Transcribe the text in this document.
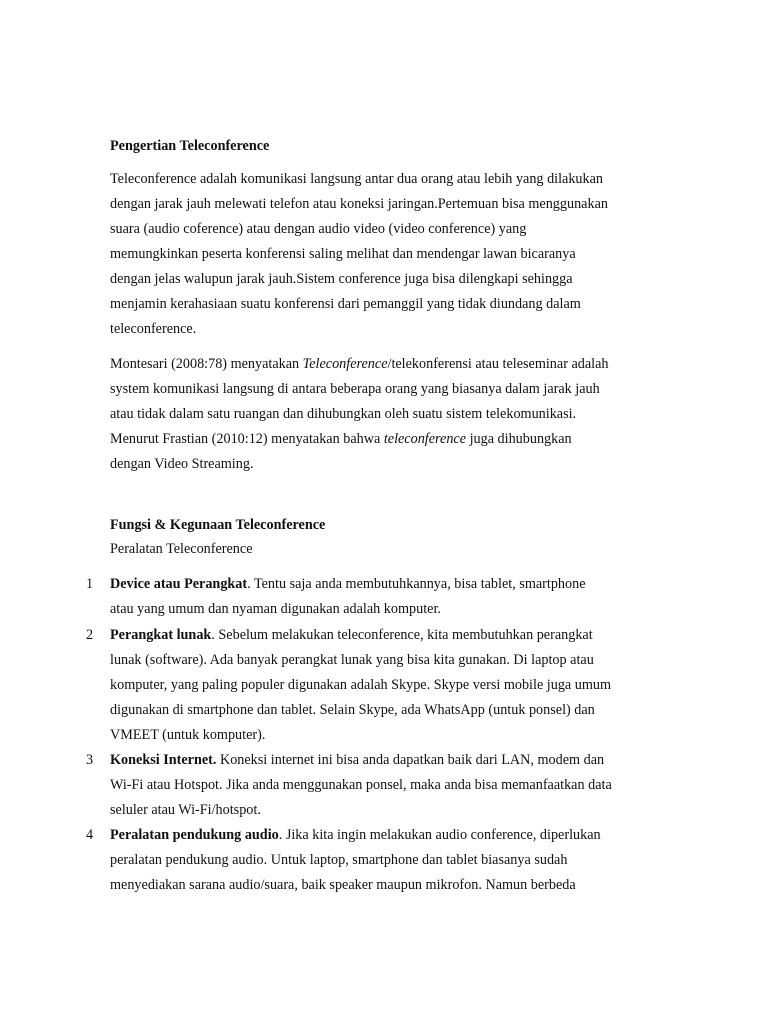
Pengertian Teleconference
Teleconference adalah komunikasi langsung antar dua orang atau lebih yang dilakukan
dengan jarak jauh melewati telefon atau koneksi jaringan.Pertemuan bisa menggunakan
suara (audio coference) atau dengan audio video (video conference) yang
memungkinkan peserta konferensi saling melihat dan mendengar lawan bicaranya
dengan jelas walupun jarak jauh.Sistem conference juga bisa dilengkapi sehingga
menjamin kerahasiaan suatu konferensi dari pemanggil yang tidak diundang dalam
teleconference.
Montesari (2008:78) menyatakan Teleconference/telekonferensi atau teleseminar adalah
system komunikasi langsung di antara beberapa orang yang biasanya dalam jarak jauh
atau tidak dalam satu ruangan dan dihubungkan oleh suatu sistem telekomunikasi.
Menurut Frastian (2010:12) menyatakan bahwa teleconference juga dihubungkan
dengan Video Streaming.
Fungsi & Kegunaan Teleconference
Peralatan Teleconference
1 Device atau Perangkat. Tentu saja anda membutuhkannya, bisa tablet, smartphone
atau yang umum dan nyaman digunakan adalah komputer.
2 Perangkat lunak. Sebelum melakukan teleconference, kita membutuhkan perangkat
lunak (software). Ada banyak perangkat lunak yang bisa kita gunakan. Di laptop atau
komputer, yang paling populer digunakan adalah Skype. Skype versi mobile juga umum
digunakan di smartphone dan tablet. Selain Skype, ada WhatsApp (untuk ponsel) dan
VMEET (untuk komputer).
3 Koneksi Internet. Koneksi internet ini bisa anda dapatkan baik dari LAN, modem dan
Wi-Fi atau Hotspot. Jika anda menggunakan ponsel, maka anda bisa memanfaatkan data
seluler atau Wi-Fi/hotspot.
4 Peralatan pendukung audio. Jika kita ingin melakukan audio conference, diperlukan
peralatan pendukung audio. Untuk laptop, smartphone dan tablet biasanya sudah
menyediakan sarana audio/suara, baik speaker maupun mikrofon. Namun berbeda
